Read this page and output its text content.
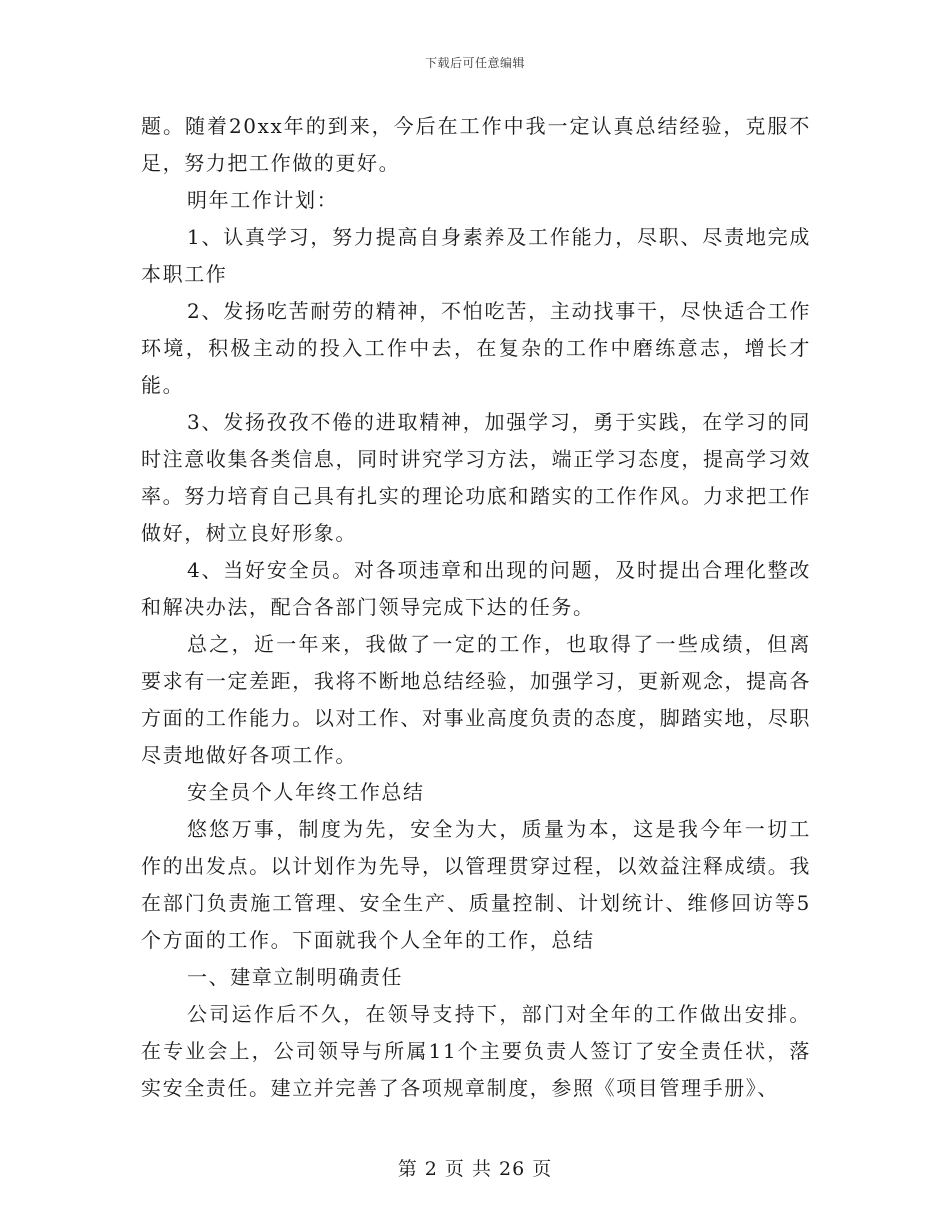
下载后可任意编辑

题。随着20xx年的到来，今后在工作中我一定认真总结经验，克服不足，努力把工作做的更好。

明年工作计划：

1、认真学习，努力提高自身素养及工作能力，尽职、尽责地完成本职工作

2、发扬吃苦耐劳的精神，不怕吃苦，主动找事干，尽快适合工作环境，积极主动的投入工作中去，在复杂的工作中磨练意志，增长才能。

3、发扬孜孜不倦的进取精神，加强学习，勇于实践，在学习的同时注意收集各类信息，同时讲究学习方法，端正学习态度，提高学习效率。努力培育自己具有扎实的理论功底和踏实的工作作风。力求把工作做好，树立良好形象。

4、当好安全员。对各项违章和出现的问题，及时提出合理化整改和解决办法，配合各部门领导完成下达的任务。

总之，近一年来，我做了一定的工作，也取得了一些成绩，但离要求有一定差距，我将不断地总结经验，加强学习，更新观念，提高各方面的工作能力。以对工作、对事业高度负责的态度，脚踏实地，尽职尽责地做好各项工作。

安全员个人年终工作总结

悠悠万事，制度为先，安全为大，质量为本，这是我今年一切工作的出发点。以计划作为先导，以管理贯穿过程，以效益注释成绩。我在部门负责施工管理、安全生产、质量控制、计划统计、维修回访等5个方面的工作。下面就我个人全年的工作，总结

一、建章立制明确责任

公司运作后不久，在领导支持下，部门对全年的工作做出安排。在专业会上，公司领导与所属11个主要负责人签订了安全责任状，落实安全责任。建立并完善了各项规章制度，参照《项目管理手册》、

第 2 页 共 26 页
